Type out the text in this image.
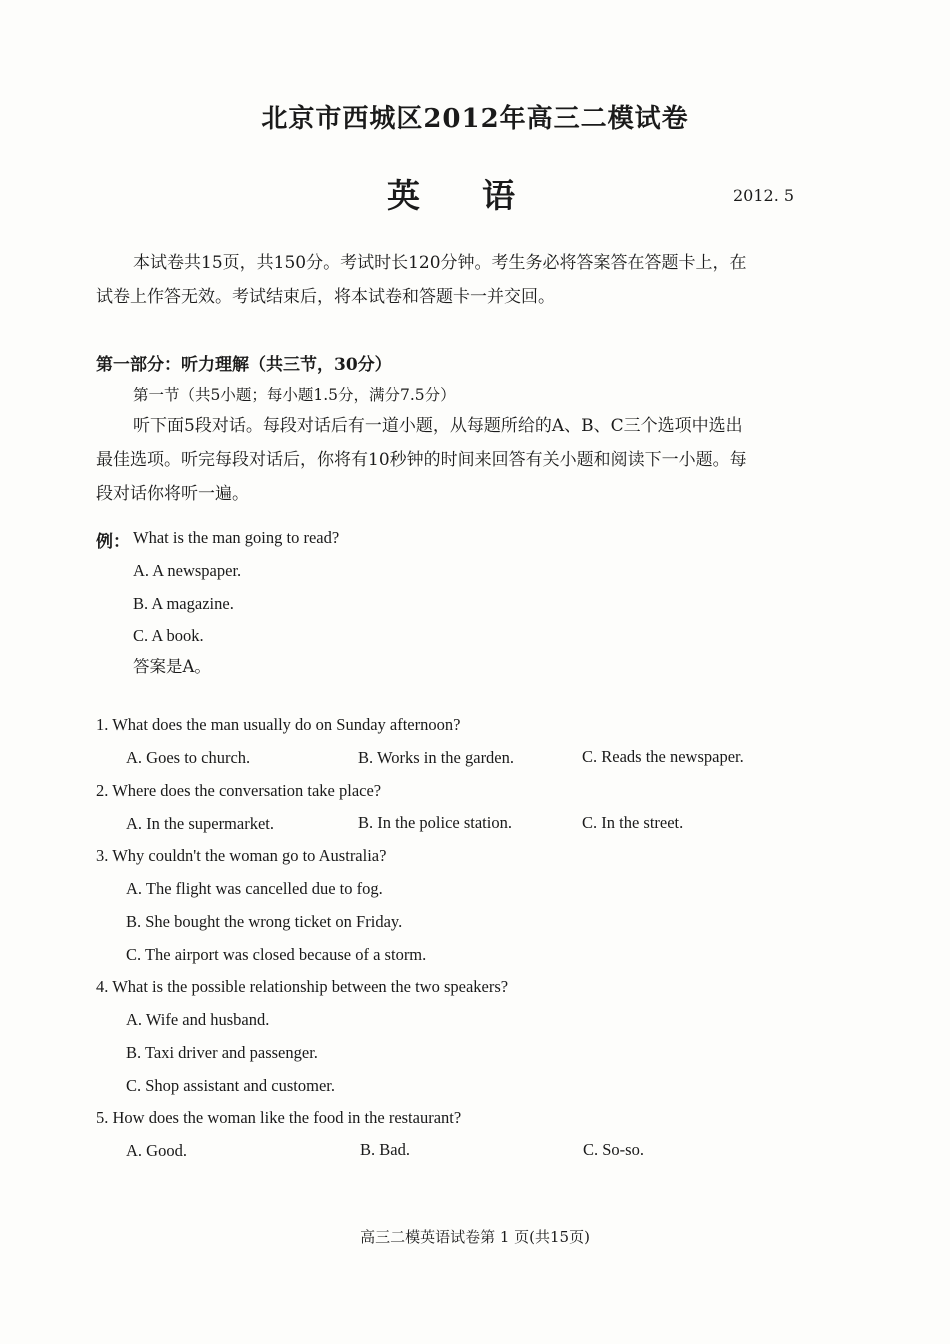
北京市西城区2012年高三二模试卷
英语	2012. 5
本试卷共15页，共150分。考试时长120分钟。考生务必将答案答在答题卡上，在
试卷上作答无效。考试结束后，将本试卷和答题卡一并交回。
第一部分：听力理解（共三节，30分）
第一节（共5小题；每小题1.5分，满分7.5分）
听下面5段对话。每段对话后有一道小题，从每题所给的A、B、C三个选项中选出
最佳选项。听完每段对话后，你将有10秒钟的时间来回答有关小题和阅读下一小题。每
段对话你将听一遍。
例： What is the man going to read?
A. A newspaper.
B. A magazine.
C. A book.
答案是A。
1. What does the man usually do on Sunday afternoon?
A. Goes to church.	B. Works in the garden.	C. Reads the newspaper.
2. Where does the conversation take place?
A. In the supermarket.	B. In the police station.	C. In the street.
3. Why couldn't the woman go to Australia?
A. The flight was cancelled due to fog.
B. She bought the wrong ticket on Friday.
C. The airport was closed because of a storm.
4. What is the possible relationship between the two speakers?
A. Wife and husband.
B. Taxi driver and passenger.
C. Shop assistant and customer.
5. How does the woman like the food in the restaurant?
A. Good.	B. Bad.	C. So-so.
高三二模英语试卷第 1 页(共15页)
